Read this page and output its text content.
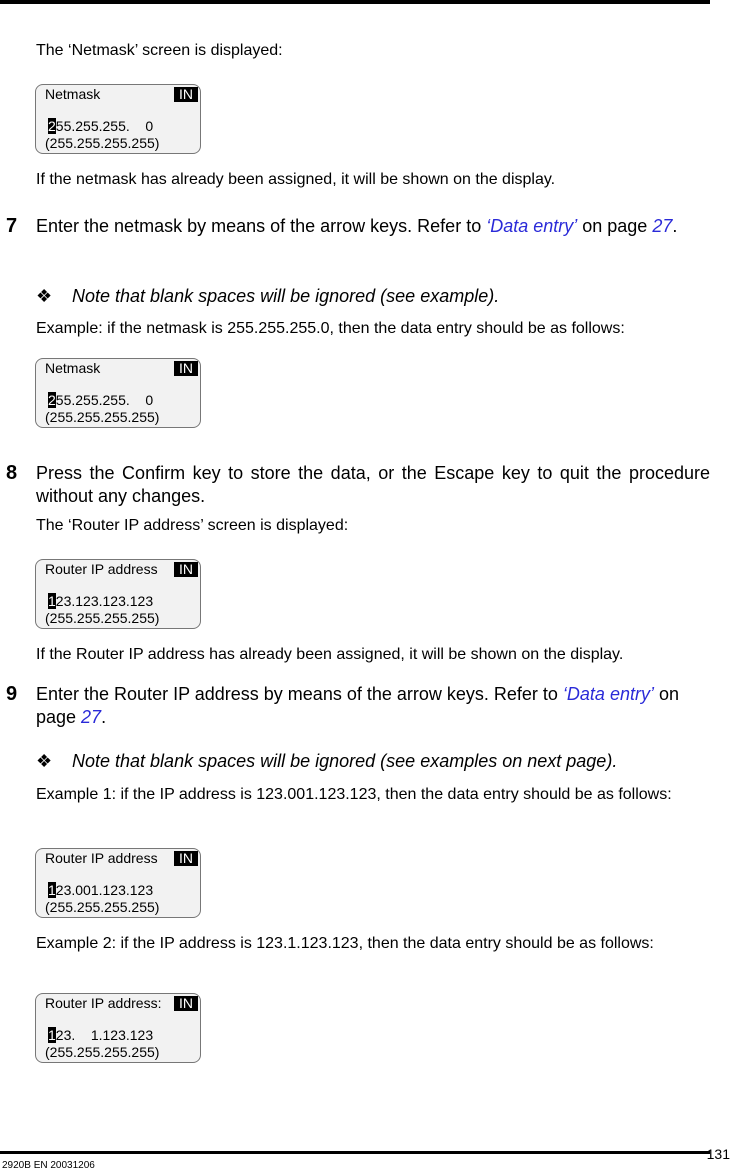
The ‘Netmask’ screen is displayed:

Netmask	IN
255.255.255.    0
(255.255.255.255)

If the netmask has already been assigned, it will be shown on the display.

7 Enter the netmask by means of the arrow keys. Refer to ‘Data entry’ on page 27.
❖ Note that blank spaces will be ignored (see example).

Example: if the netmask is 255.255.255.0, then the data entry should be as follows:

Netmask	IN
255.255.255.    0
(255.255.255.255)
8 Press the Confirm key to store the data, or the Escape key to quit the procedure without any changes.

The ‘Router IP address’ screen is displayed:

Router IP address	IN
123.123.123.123
(255.255.255.255)

If the Router IP address has already been assigned, it will be shown on the display.

9 Enter the Router IP address by means of the arrow keys. Refer to ‘Data entry’ on page 27.
❖ Note that blank spaces will be ignored (see examples on next page).

Example 1: if the IP address is 123.001.123.123, then the data entry should be as follows:

Router IP address	IN
123.001.123.123
(255.255.255.255)

Example 2: if the IP address is 123.1.123.123, then the data entry should be as follows:

Router IP address:	IN
123.    1.123.123
(255.255.255.255)
131
2920B EN 20031206
